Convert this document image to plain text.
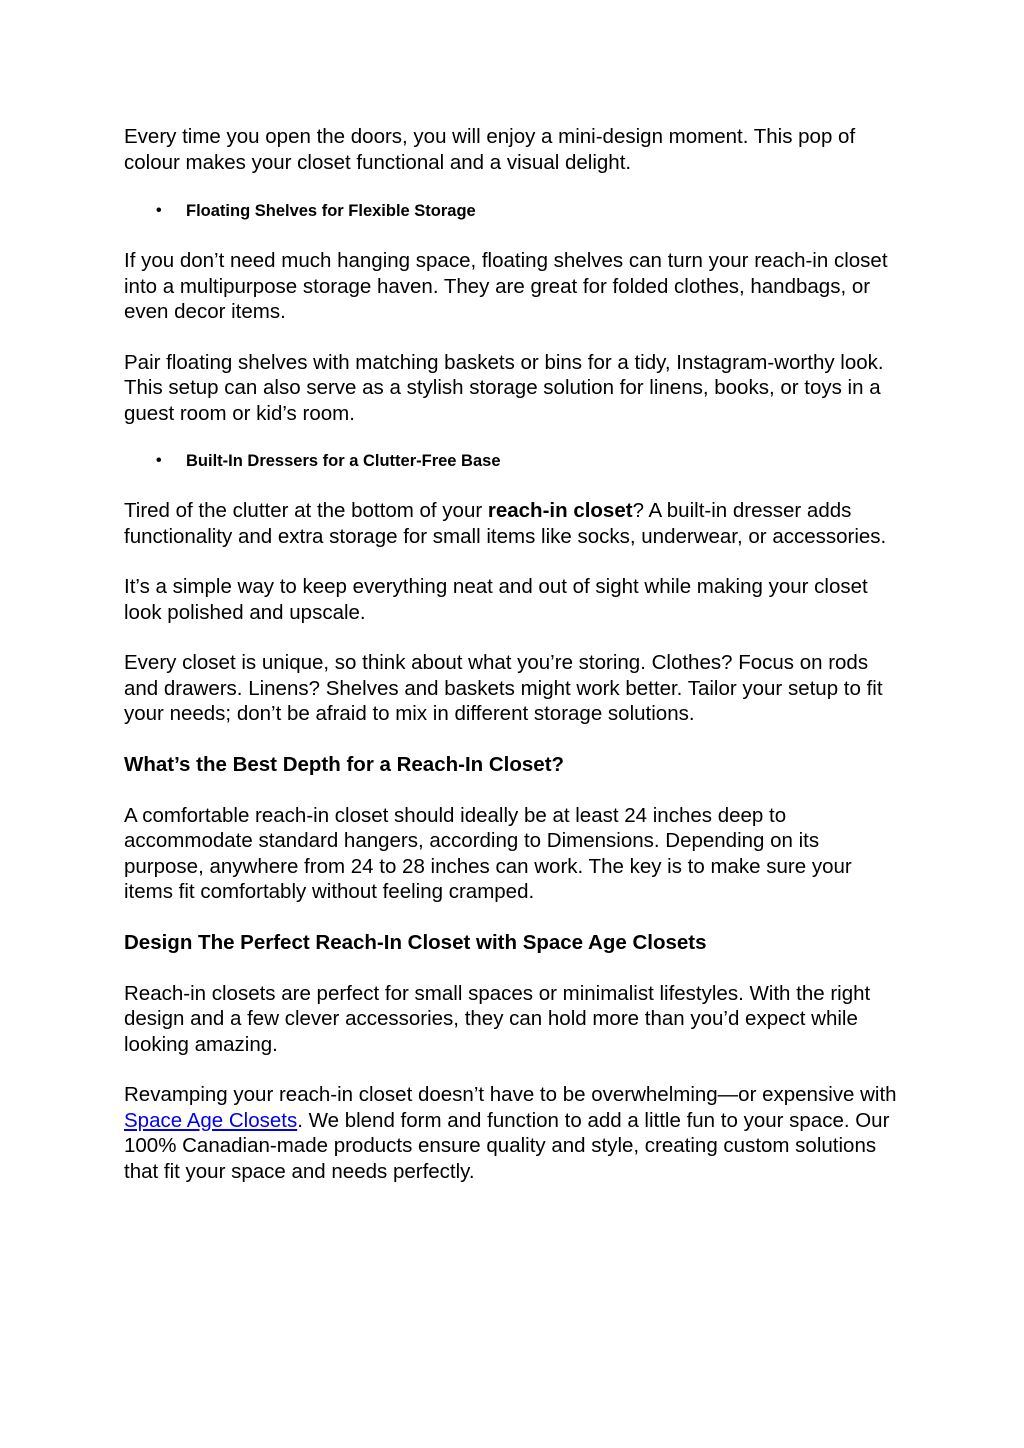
Every time you open the doors, you will enjoy a mini-design moment. This pop of colour makes your closet functional and a visual delight.

•	Floating Shelves for Flexible Storage

If you don’t need much hanging space, floating shelves can turn your reach-in closet into a multipurpose storage haven. They are great for folded clothes, handbags, or even decor items.

Pair floating shelves with matching baskets or bins for a tidy, Instagram-worthy look. This setup can also serve as a stylish storage solution for linens, books, or toys in a guest room or kid’s room.

•	Built-In Dressers for a Clutter-Free Base

Tired of the clutter at the bottom of your reach-in closet? A built-in dresser adds functionality and extra storage for small items like socks, underwear, or accessories.

It’s a simple way to keep everything neat and out of sight while making your closet look polished and upscale.

Every closet is unique, so think about what you’re storing. Clothes? Focus on rods and drawers. Linens? Shelves and baskets might work better. Tailor your setup to fit your needs; don’t be afraid to mix in different storage solutions.

What’s the Best Depth for a Reach-In Closet?

A comfortable reach-in closet should ideally be at least 24 inches deep to accommodate standard hangers, according to Dimensions. Depending on its purpose, anywhere from 24 to 28 inches can work. The key is to make sure your items fit comfortably without feeling cramped.

Design The Perfect Reach-In Closet with Space Age Closets

Reach-in closets are perfect for small spaces or minimalist lifestyles. With the right design and a few clever accessories, they can hold more than you’d expect while looking amazing.

Revamping your reach-in closet doesn’t have to be overwhelming—or expensive with Space Age Closets. We blend form and function to add a little fun to your space. Our 100% Canadian-made products ensure quality and style, creating custom solutions that fit your space and needs perfectly.
